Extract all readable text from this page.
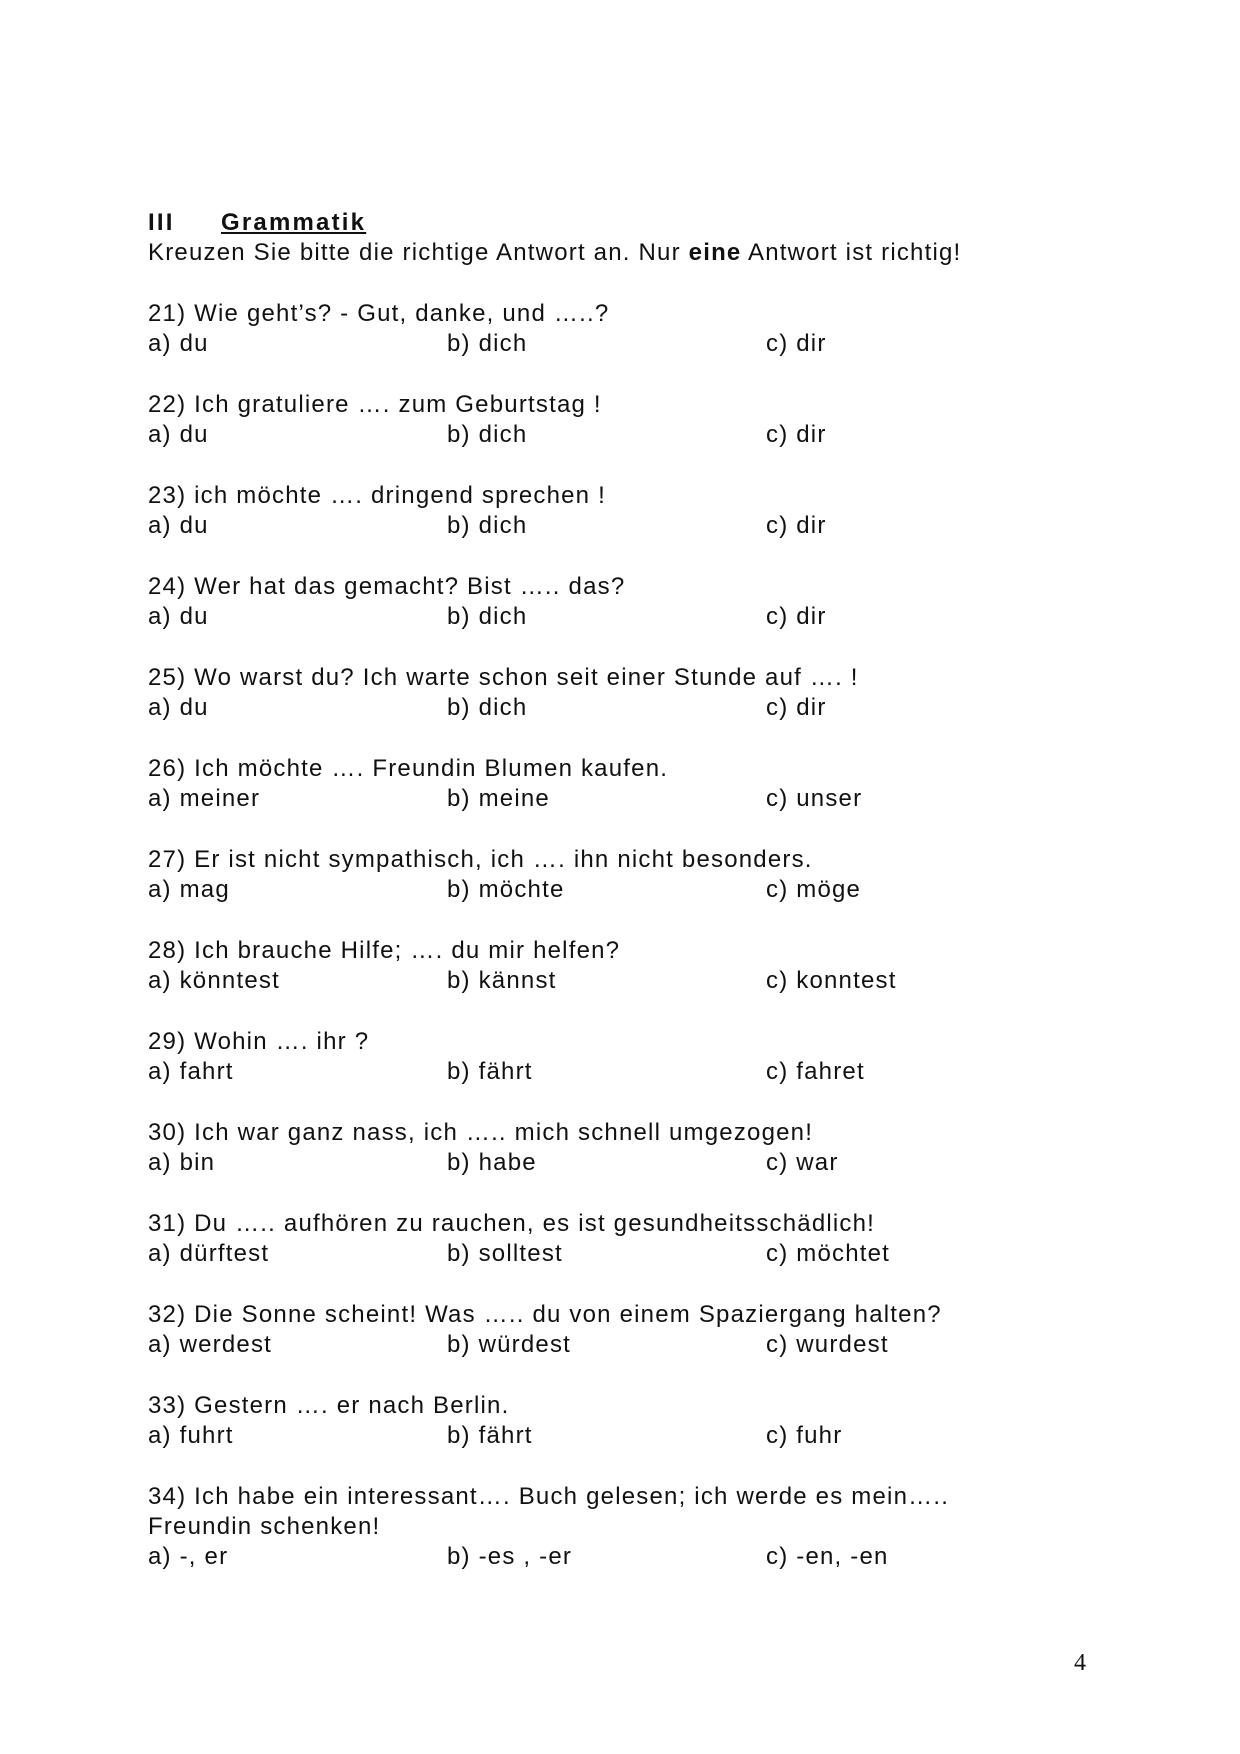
III Grammatik
Kreuzen Sie bitte die richtige Antwort an. Nur eine Antwort ist richtig!
21) Wie geht’s? - Gut, danke, und …..?
a) du	b) dich	c) dir
22) Ich gratuliere …. zum Geburtstag !
a) du	b) dich	c) dir
23) ich möchte …. dringend sprechen !
a) du	b) dich	c) dir
24) Wer hat das gemacht? Bist ….. das?
a) du	b) dich	c) dir
25) Wo warst du? Ich warte schon seit einer Stunde auf …. !
a) du	b) dich	c) dir
26) Ich möchte …. Freundin Blumen kaufen.
a) meiner	b) meine	c) unser
27) Er ist nicht sympathisch, ich …. ihn nicht besonders.
a) mag	b) möchte	c) möge
28) Ich brauche Hilfe; …. du mir helfen?
a) könntest	b) kännst	c) konntest
29) Wohin …. ihr ?
a) fahrt	b) fährt	c) fahret
30) Ich war ganz nass, ich ….. mich schnell umgezogen!
a) bin	b) habe	c) war
31) Du ….. aufhören zu rauchen, es ist gesundheitsschädlich!
a) dürftest	b) solltest	c) möchtet
32) Die Sonne scheint! Was ….. du von einem Spaziergang halten?
a) werdest	b) würdest	c) wurdest
33) Gestern …. er nach Berlin.
a) fuhrt	b) fährt	c) fuhr
34) Ich habe ein interessant…. Buch gelesen; ich werde es mein…..
Freundin schenken!
a) -, er	b) -es , -er	c) -en, -en
4
